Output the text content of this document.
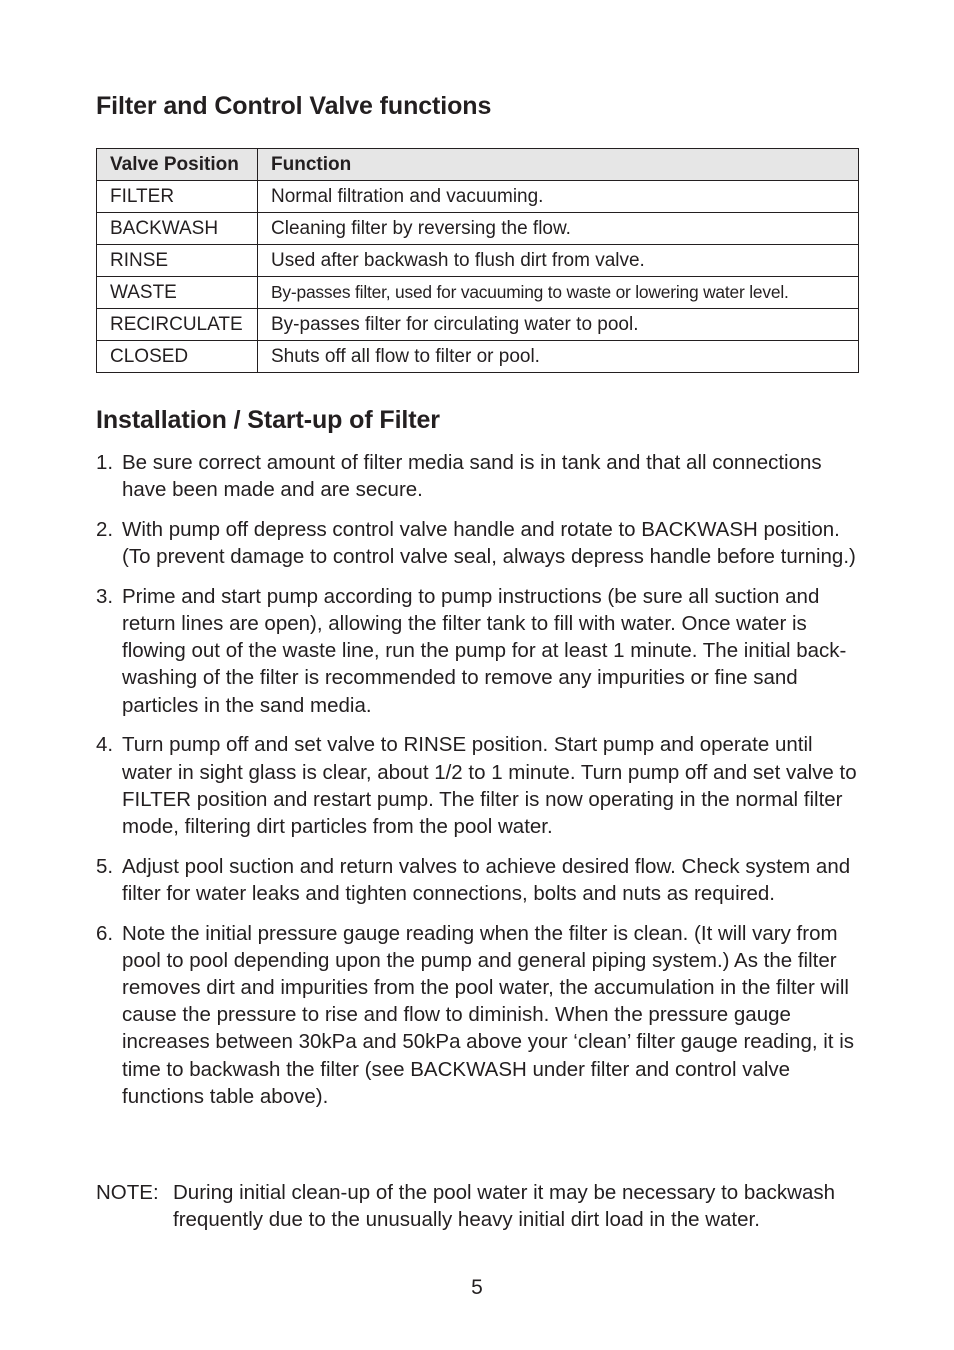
Filter and Control Valve functions
Valve Position	Function
FILTER	Normal filtration and vacuuming.
BACKWASH	Cleaning filter by reversing the flow.
RINSE	Used after backwash to flush dirt from valve.
WASTE	By-passes filter, used for vacuuming to waste or lowering water level.
RECIRCULATE	By-passes filter for circulating water to pool.
CLOSED	Shuts off all flow to filter or pool.
Installation / Start-up of Filter
1. Be sure correct amount of filter media sand is in tank and that all connections have been made and are secure.
2. With pump off depress control valve handle and rotate to BACKWASH position. (To prevent damage to control valve seal, always depress handle before turning.)
3. Prime and start pump according to pump instructions (be sure all suction and return lines are open), allowing the filter tank to fill with water. Once water is flowing out of the waste line, run the pump for at least 1 minute. The initial back-washing of the filter is recommended to remove any impurities or fine sand particles in the sand media.
4. Turn pump off and set valve to RINSE position. Start pump and operate until water in sight glass is clear, about 1/2 to 1 minute. Turn pump off and set valve to FILTER position and restart pump. The filter is now operating in the normal filter mode, filtering dirt particles from the pool water.
5. Adjust pool suction and return valves to achieve desired flow. Check system and filter for water leaks and tighten connections, bolts and nuts as required.
6. Note the initial pressure gauge reading when the filter is clean. (It will vary from pool to pool depending upon the pump and general piping system.) As the filter removes dirt and impurities from the pool water, the accumulation in the filter will cause the pressure to rise and flow to diminish. When the pressure gauge increases between 30kPa and 50kPa above your ‘clean’ filter gauge reading, it is time to backwash the filter (see BACKWASH under filter and control valve functions table above).
NOTE: During initial clean-up of the pool water it may be necessary to backwash frequently due to the unusually heavy initial dirt load in the water.
5
